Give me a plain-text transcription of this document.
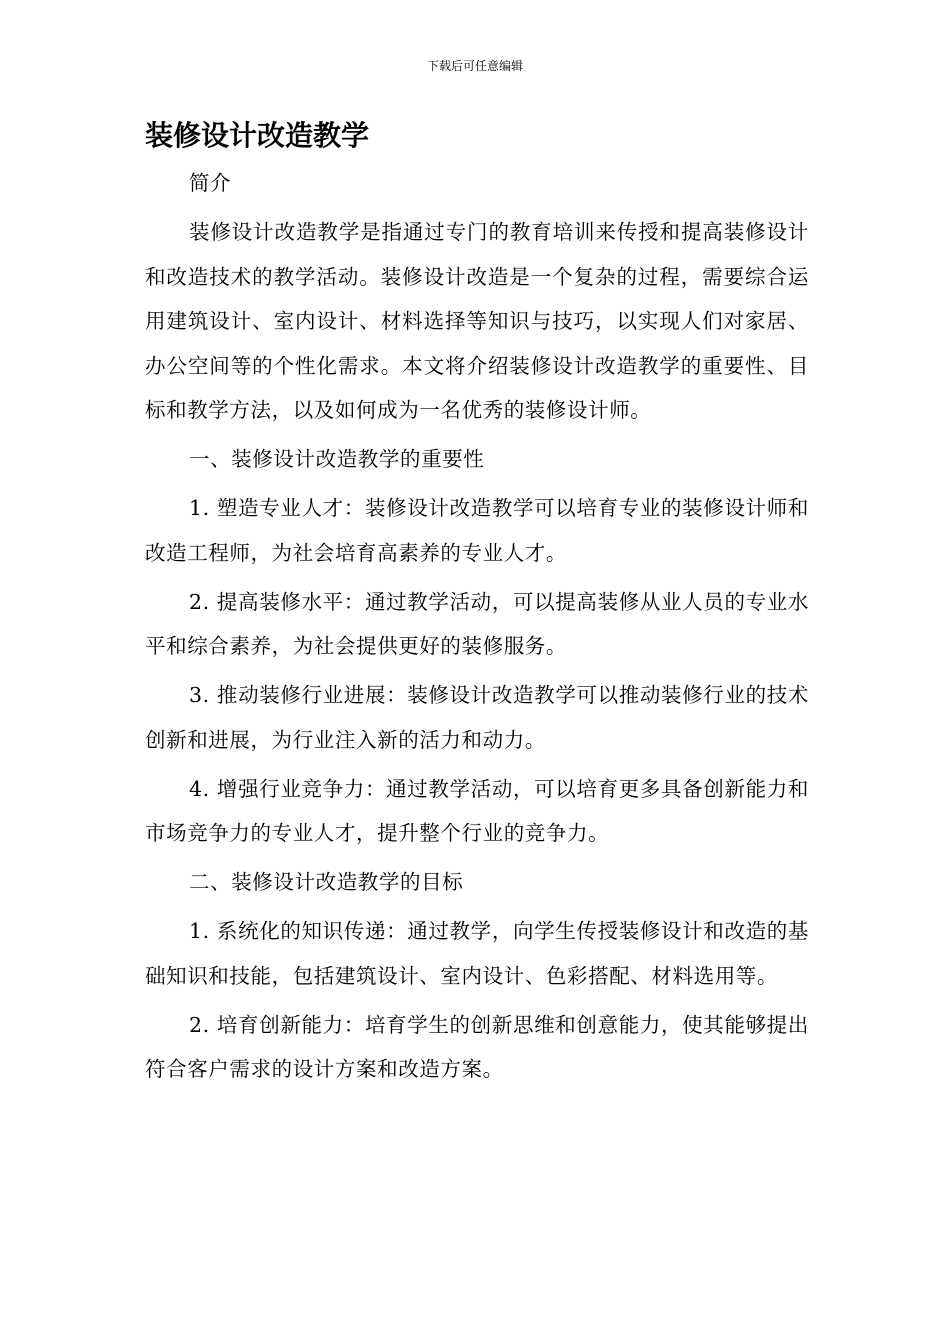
下载后可任意编辑
装修设计改造教学

简介

装修设计改造教学是指通过专门的教育培训来传授和提高装修设计和改造技术的教学活动。装修设计改造是一个复杂的过程，需要综合运用建筑设计、室内设计、材料选择等知识与技巧，以实现人们对家居、办公空间等的个性化需求。本文将介绍装修设计改造教学的重要性、目标和教学方法，以及如何成为一名优秀的装修设计师。

一、装修设计改造教学的重要性

1. 塑造专业人才：装修设计改造教学可以培育专业的装修设计师和改造工程师，为社会培育高素养的专业人才。

2. 提高装修水平：通过教学活动，可以提高装修从业人员的专业水平和综合素养，为社会提供更好的装修服务。

3. 推动装修行业进展：装修设计改造教学可以推动装修行业的技术创新和进展，为行业注入新的活力和动力。

4. 增强行业竞争力：通过教学活动，可以培育更多具备创新能力和市场竞争力的专业人才，提升整个行业的竞争力。

二、装修设计改造教学的目标

1. 系统化的知识传递：通过教学，向学生传授装修设计和改造的基础知识和技能，包括建筑设计、室内设计、色彩搭配、材料选用等。

2. 培育创新能力：培育学生的创新思维和创意能力，使其能够提出符合客户需求的设计方案和改造方案。
